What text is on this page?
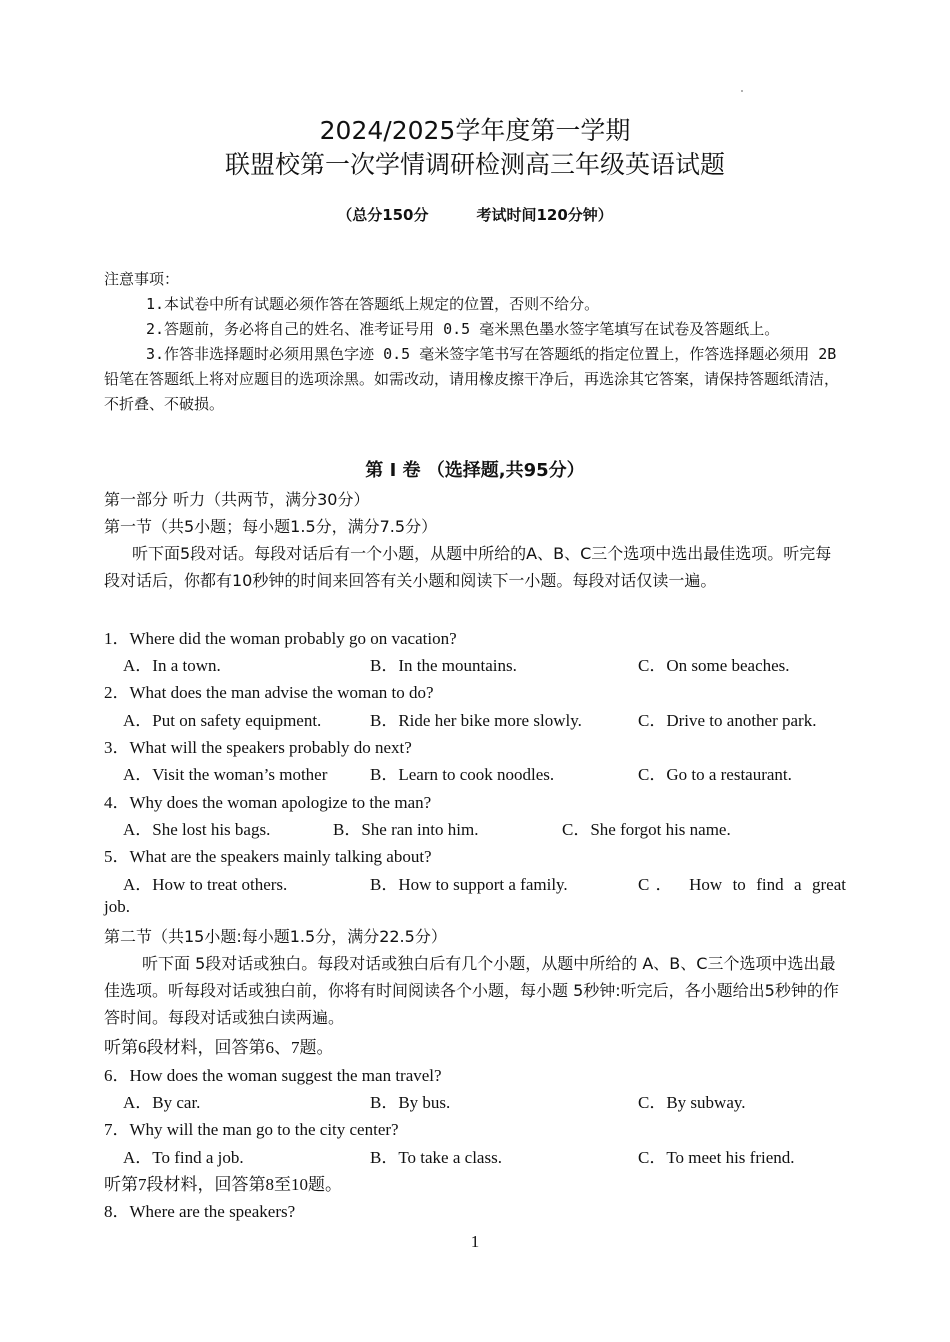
2024/2025学年度第一学期
联盟校第一次学情调研检测高三年级英语试题
（总分150分	考试时间120分钟）

注意事项：

1.本试卷中所有试题必须作答在答题纸上规定的位置，否则不给分。

2.答题前，务必将自己的姓名、准考证号用 0.5 毫米黑色墨水签字笔填写在试卷及答题纸上。

3.作答非选择题时必须用黑色字迹 0.5 毫米签字笔书写在答题纸的指定位置上，作答选择题必须用 2B 铅笔在答题纸上将对应题目的选项涂黑。如需改动，请用橡皮擦干净后，再选涂其它答案，请保持答题纸清洁，不折叠、不破损。

第 Ⅰ 卷 （选择题,共95分）
第一部分 听力（共两节，满分30分）
第一节（共5小题；每小题1.5分，满分7.5分）

听下面5段对话。每段对话后有一个小题，从题中所给的A、B、C三个选项中选出最佳选项。听完每段对话后，你都有10秒钟的时间来回答有关小题和阅读下一小题。每段对话仅读一遍。

1．Where did the woman probably go on vacation?
A．In a town.	B．In the mountains.	C．On some beaches.
2．What does the man advise the woman to do?
A．Put on safety equipment.	B．Ride her bike more slowly.	C．Drive to another park.
3．What will the speakers probably do next?
A．Visit the woman’s mother	B．Learn to cook noodles.	C．Go to a restaurant.
4．Why does the woman apologize to the man?
A．She lost his bags.	B．She ran into him.	C．She forgot his name.
5．What are the speakers mainly talking about?
A．How to treat others.	B．How to support a family.	C． How to find a great
job.
第二节（共15小题:每小题1.5分，满分22.5分）

听下面 5段对话或独白。每段对话或独白后有几个小题，从题中所给的 A、B、C三个选项中选出最佳选项。听每段对话或独白前，你将有时间阅读各个小题，每小题 5秒钟:听完后，各小题给出5秒钟的作答时间。每段对话或独白读两遍。

听第6段材料，回答第6、7题。
6．How does the woman suggest the man travel?
A．By car.	B．By bus.	C．By subway.
7．Why will the man go to the city center?
A．To find a job.	B．To take a class.	C．To meet his friend.
听第7段材料，回答第8至10题。
8．Where are the speakers?
1
